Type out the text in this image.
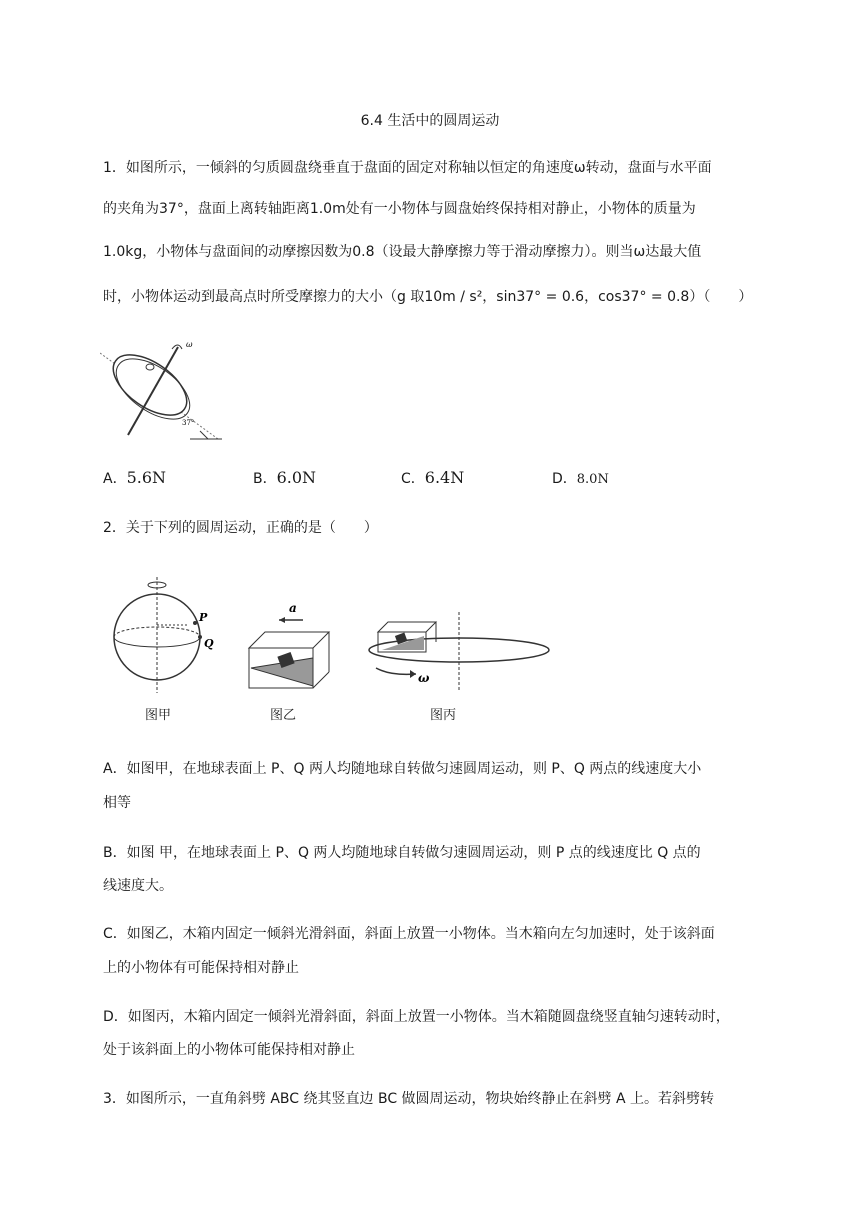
6.4 生活中的圆周运动
1．如图所示，一倾斜的匀质圆盘绕垂直于盘面的固定对称轴以恒定的角速度ω转动，盘面与水平面
的夹角为37°，盘面上离转轴距离1.0m处有一小物体与圆盘始终保持相对静止，小物体的质量为
1.0kg，小物体与盘面间的动摩擦因数为0.8（设最大静摩擦力等于滑动摩擦力）。则当ω达最大值
时，小物体运动到最高点时所受摩擦力的大小（g 取10m / s²，sin37° = 0.6，cos37° = 0.8）（　　）
ω
37°
A．5.6N	B．6.0N	C．6.4N	D．8.0N
2．关于下列的圆周运动，正确的是（　　）
P
Q
图甲
a
图乙
ω
图丙
A．如图甲，在地球表面上 P、Q 两人均随地球自转做匀速圆周运动，则 P、Q 两点的线速度大小
相等
B．如图 甲，在地球表面上 P、Q 两人均随地球自转做匀速圆周运动，则 P 点的线速度比 Q 点的
线速度大。
C．如图乙，木箱内固定一倾斜光滑斜面，斜面上放置一小物体。当木箱向左匀加速时，处于该斜面
上的小物体有可能保持相对静止
D．如图丙，木箱内固定一倾斜光滑斜面，斜面上放置一小物体。当木箱随圆盘绕竖直轴匀速转动时，
处于该斜面上的小物体可能保持相对静止
3．如图所示，一直角斜劈 ABC 绕其竖直边 BC 做圆周运动，物块始终静止在斜劈 A 上。若斜劈转
